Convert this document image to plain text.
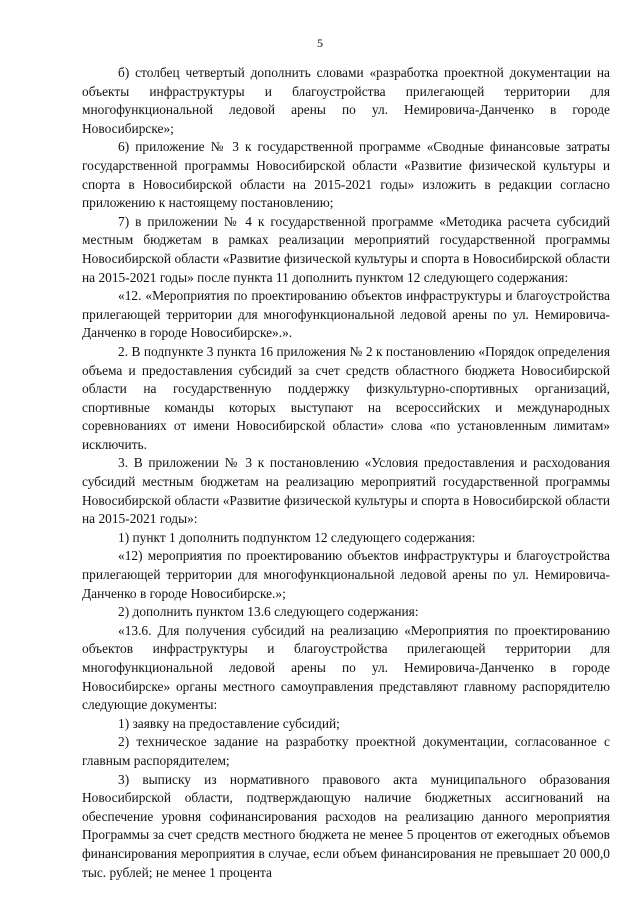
5

б) столбец четвертый дополнить словами «разработка проектной документации на объекты инфраструктуры и благоустройства прилегающей территории для многофункциональной ледовой арены по ул. Немировича-Данченко в городе Новосибирске»;

6) приложение № 3 к государственной программе «Сводные финансовые затраты государственной программы Новосибирской области «Развитие физической культуры и спорта в Новосибирской области на 2015-2021 годы» изложить в редакции согласно приложению к настоящему постановлению;

7) в приложении № 4 к государственной программе «Методика расчета субсидий местным бюджетам в рамках реализации мероприятий государственной программы Новосибирской области «Развитие физической культуры и спорта в Новосибирской области на 2015-2021 годы» после пункта 11 дополнить пунктом 12 следующего содержания:

«12. «Мероприятия по проектированию объектов инфраструктуры и благоустройства прилегающей территории для многофункциональной ледовой арены по ул. Немировича-Данченко в городе Новосибирске».».

2. В подпункте 3 пункта 16 приложения № 2 к постановлению «Порядок определения объема и предоставления субсидий за счет средств областного бюджета Новосибирской области на государственную поддержку физкультурно-спортивных организаций, спортивные команды которых выступают на всероссийских и международных соревнованиях от имени Новосибирской области» слова «по установленным лимитам» исключить.

3. В приложении № 3 к постановлению «Условия предоставления и расходования субсидий местным бюджетам на реализацию мероприятий государственной программы Новосибирской области «Развитие физической культуры и спорта в Новосибирской области на 2015-2021 годы»:

1) пункт 1 дополнить подпунктом 12 следующего содержания:

«12) мероприятия по проектированию объектов инфраструктуры и благоустройства прилегающей территории для многофункциональной ледовой арены по ул. Немировича-Данченко в городе Новосибирске.»;

2) дополнить пунктом 13.6 следующего содержания:

«13.6. Для получения субсидий на реализацию «Мероприятия по проектированию объектов инфраструктуры и благоустройства прилегающей территории для многофункциональной ледовой арены по ул. Немировича-Данченко в городе Новосибирске» органы местного самоуправления представляют главному распорядителю следующие документы:

1) заявку на предоставление субсидий;

2) техническое задание на разработку проектной документации, согласованное с главным распорядителем;

3) выписку из нормативного правового акта муниципального образования Новосибирской области, подтверждающую наличие бюджетных ассигнований на обеспечение уровня софинансирования расходов на реализацию данного мероприятия Программы за счет средств местного бюджета не менее 5 процентов от ежегодных объемов финансирования мероприятия в случае, если объем финансирования не превышает 20 000,0 тыс. рублей; не менее 1 процента
